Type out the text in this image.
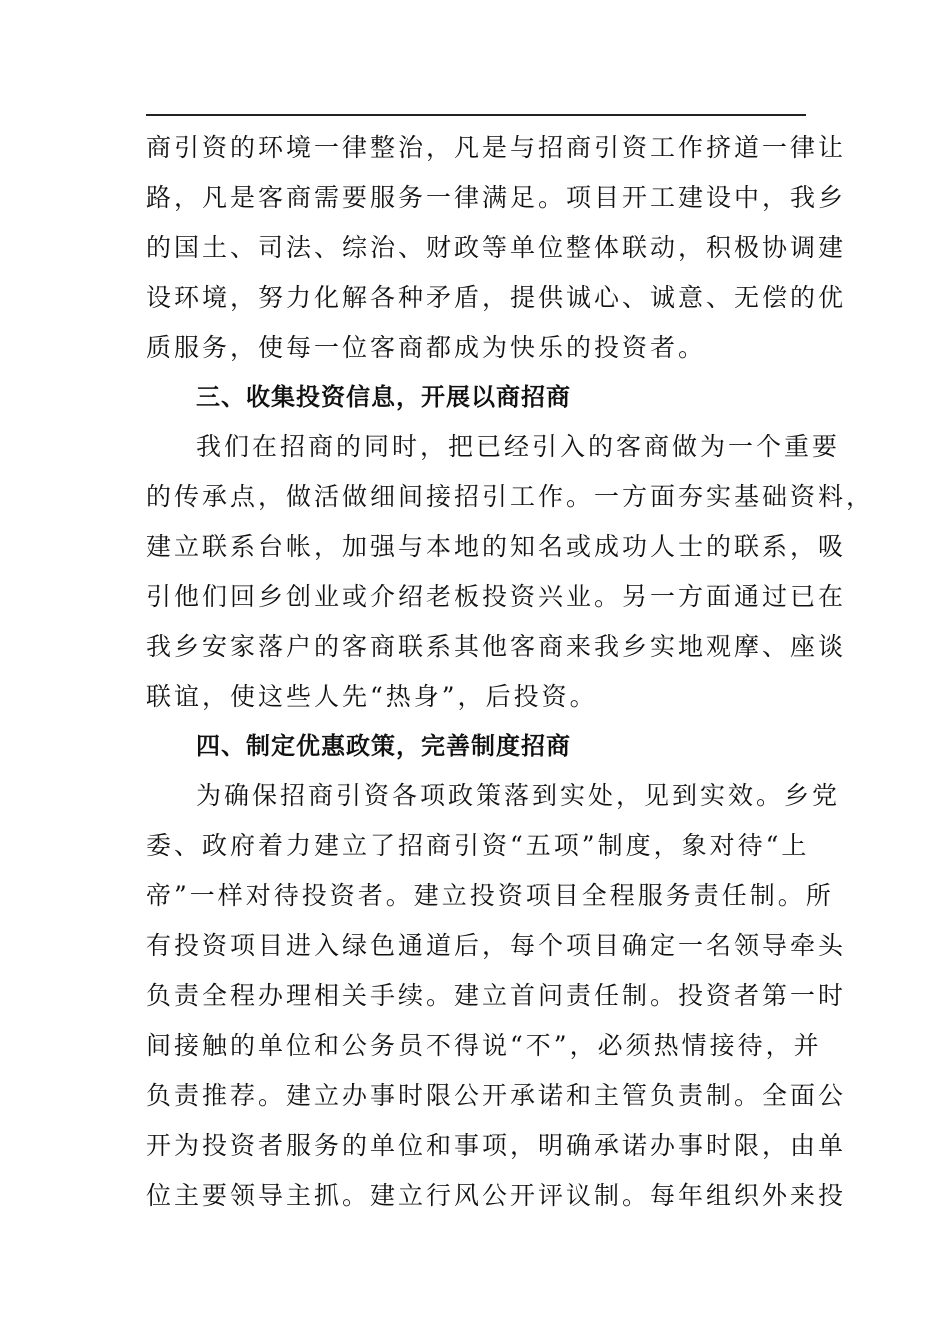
商引资的环境一律整治，凡是与招商引资工作挤道一律让
路，凡是客商需要服务一律满足。项目开工建设中，我乡
的国土、司法、综治、财政等单位整体联动，积极协调建
设环境，努力化解各种矛盾，提供诚心、诚意、无偿的优
质服务，使每一位客商都成为快乐的投资者。
三、收集投资信息，开展以商招商
我们在招商的同时，把已经引入的客商做为一个重要
的传承点，做活做细间接招引工作。一方面夯实基础资料，
建立联系台帐，加强与本地的知名或成功人士的联系，吸
引他们回乡创业或介绍老板投资兴业。另一方面通过已在
我乡安家落户的客商联系其他客商来我乡实地观摩、座谈
联谊，使这些人先“热身”，后投资。
四、制定优惠政策，完善制度招商
为确保招商引资各项政策落到实处，见到实效。乡党
委、政府着力建立了招商引资“五项”制度，象对待“上
帝”一样对待投资者。建立投资项目全程服务责任制。所
有投资项目进入绿色通道后，每个项目确定一名领导牵头
负责全程办理相关手续。建立首问责任制。投资者第一时
间接触的单位和公务员不得说“不”，必须热情接待，并
负责推荐。建立办事时限公开承诺和主管负责制。全面公
开为投资者服务的单位和事项，明确承诺办事时限，由单
位主要领导主抓。建立行风公开评议制。每年组织外来投
